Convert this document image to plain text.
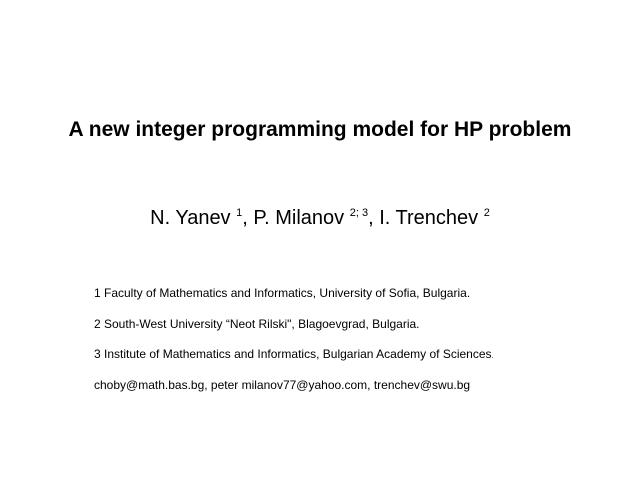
A new integer programming model for HP problem
N. Yanev $^1$, P. Milanov $^{2; 3}$, I. Trenchev $^2$
1 Faculty of Mathematics and Informatics, University of Sofia, Bulgaria.
2 South-West University “Neot Rilski", Blagoevgrad, Bulgaria.
3 Institute of Mathematics and Informatics, Bulgarian Academy of Sciences.
choby@math.bas.bg, peter milanov77@yahoo.com, trenchev@swu.bg
